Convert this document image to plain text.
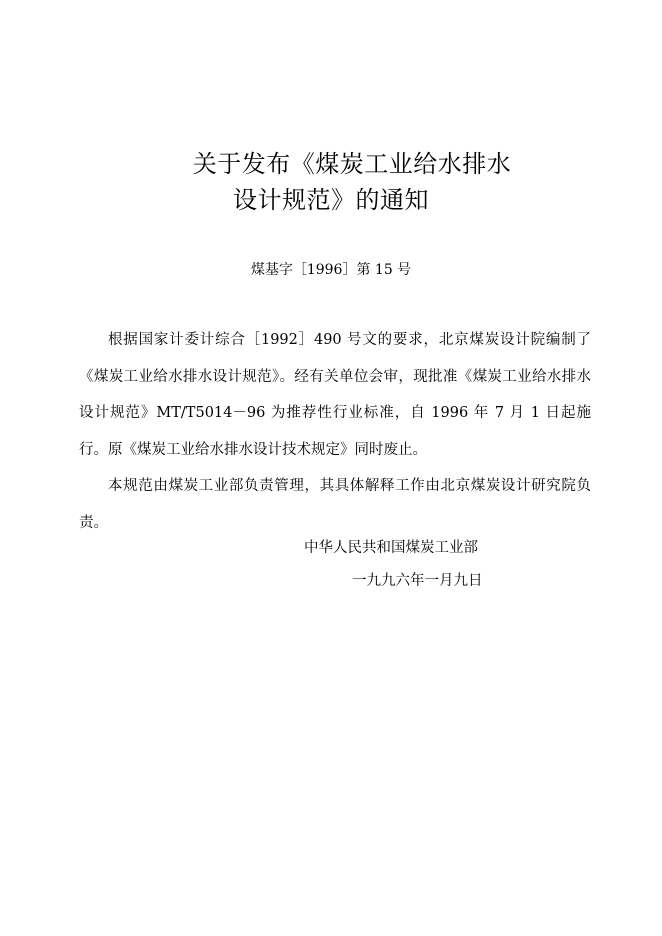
关于发布《煤炭工业给水排水
设计规范》的通知
煤基字［1996］第 15 号

根据国家计委计综合［1992］490 号文的要求，北京煤炭设计院编制了《煤炭工业给水排水设计规范》。经有关单位会审，现批准《煤炭工业给水排水设计规范》MT/T5014－96 为推荐性行业标准，自 1996 年 7 月 1 日起施行。原《煤炭工业给水排水设计技术规定》同时废止。

本规范由煤炭工业部负责管理，其具体解释工作由北京煤炭设计研究院负责。

中华人民共和国煤炭工业部
一九九六年一月九日
